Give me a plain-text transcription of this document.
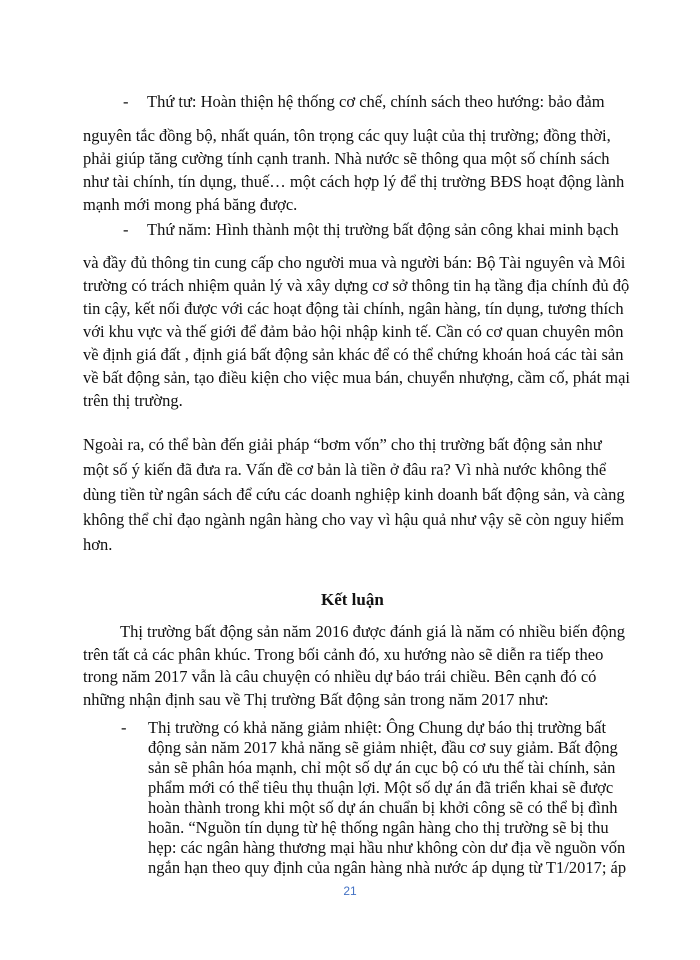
- Thứ tư: Hoàn thiện hệ thống cơ chế, chính sách theo hướng: bảo đảm
nguyên tắc đồng bộ, nhất quán, tôn trọng các quy luật của thị trường; đồng thời,
phải giúp tăng cường tính cạnh tranh. Nhà nước sẽ thông qua một số chính sách
như tài chính, tín dụng, thuế… một cách hợp lý để thị trường BĐS hoạt động lành
mạnh mới mong phá băng được.
- Thứ năm: Hình thành một thị trường bất động sản công khai minh bạch
và đầy đủ thông tin cung cấp cho người mua và người bán: Bộ Tài nguyên và Môi
trường có trách nhiệm quản lý và xây dựng cơ sở thông tin hạ tầng địa chính đủ độ
tin cậy, kết nối được với các hoạt động tài chính, ngân hàng, tín dụng, tương thích
với khu vực và thế giới để đảm bảo hội nhập kinh tế. Cần có cơ quan chuyên môn
về định giá đất , định giá bất động sản khác để có thể chứng khoán hoá các tài sản
về bất động sản, tạo điều kiện cho việc mua bán, chuyển nhượng, cầm cố, phát mại
trên thị trường.
Ngoài ra, có thể bàn đến giải pháp “bơm vốn” cho thị trường bất động sản như
một số ý kiến đã đưa ra. Vấn đề cơ bản là tiền ở đâu ra? Vì nhà nước không thể
dùng tiền từ ngân sách để cứu các doanh nghiệp kinh doanh bất động sản, và càng
không thể chỉ đạo ngành ngân hàng cho vay vì hậu quả như vậy sẽ còn nguy hiểm
hơn.
Kết luận
Thị trường bất động sản năm 2016 được đánh giá là năm có nhiều biến động
trên tất cả các phân khúc. Trong bối cảnh đó, xu hướng nào sẽ diễn ra tiếp theo
trong năm 2017 vẫn là câu chuyện có nhiều dự báo trái chiều. Bên cạnh đó có
những nhận định sau về Thị trường Bất động sản trong năm 2017 như:
- Thị trường có khả năng giảm nhiệt: Ông Chung dự báo thị trường bất
động sản năm 2017 khả năng sẽ giảm nhiệt, đầu cơ suy giảm. Bất động
sản sẽ phân hóa mạnh, chỉ một số dự án cục bộ có ưu thế tài chính, sản
phẩm mới có thể tiêu thụ thuận lợi. Một số dự án đã triển khai sẽ được
hoàn thành trong khi một số dự án chuẩn bị khởi công sẽ có thể bị đình
hoãn. “Nguồn tín dụng từ hệ thống ngân hàng cho thị trường sẽ bị thu
hẹp: các ngân hàng thương mại hầu như không còn dư địa về nguồn vốn
ngắn hạn theo quy định của ngân hàng nhà nước áp dụng từ T1/2017; áp
21
